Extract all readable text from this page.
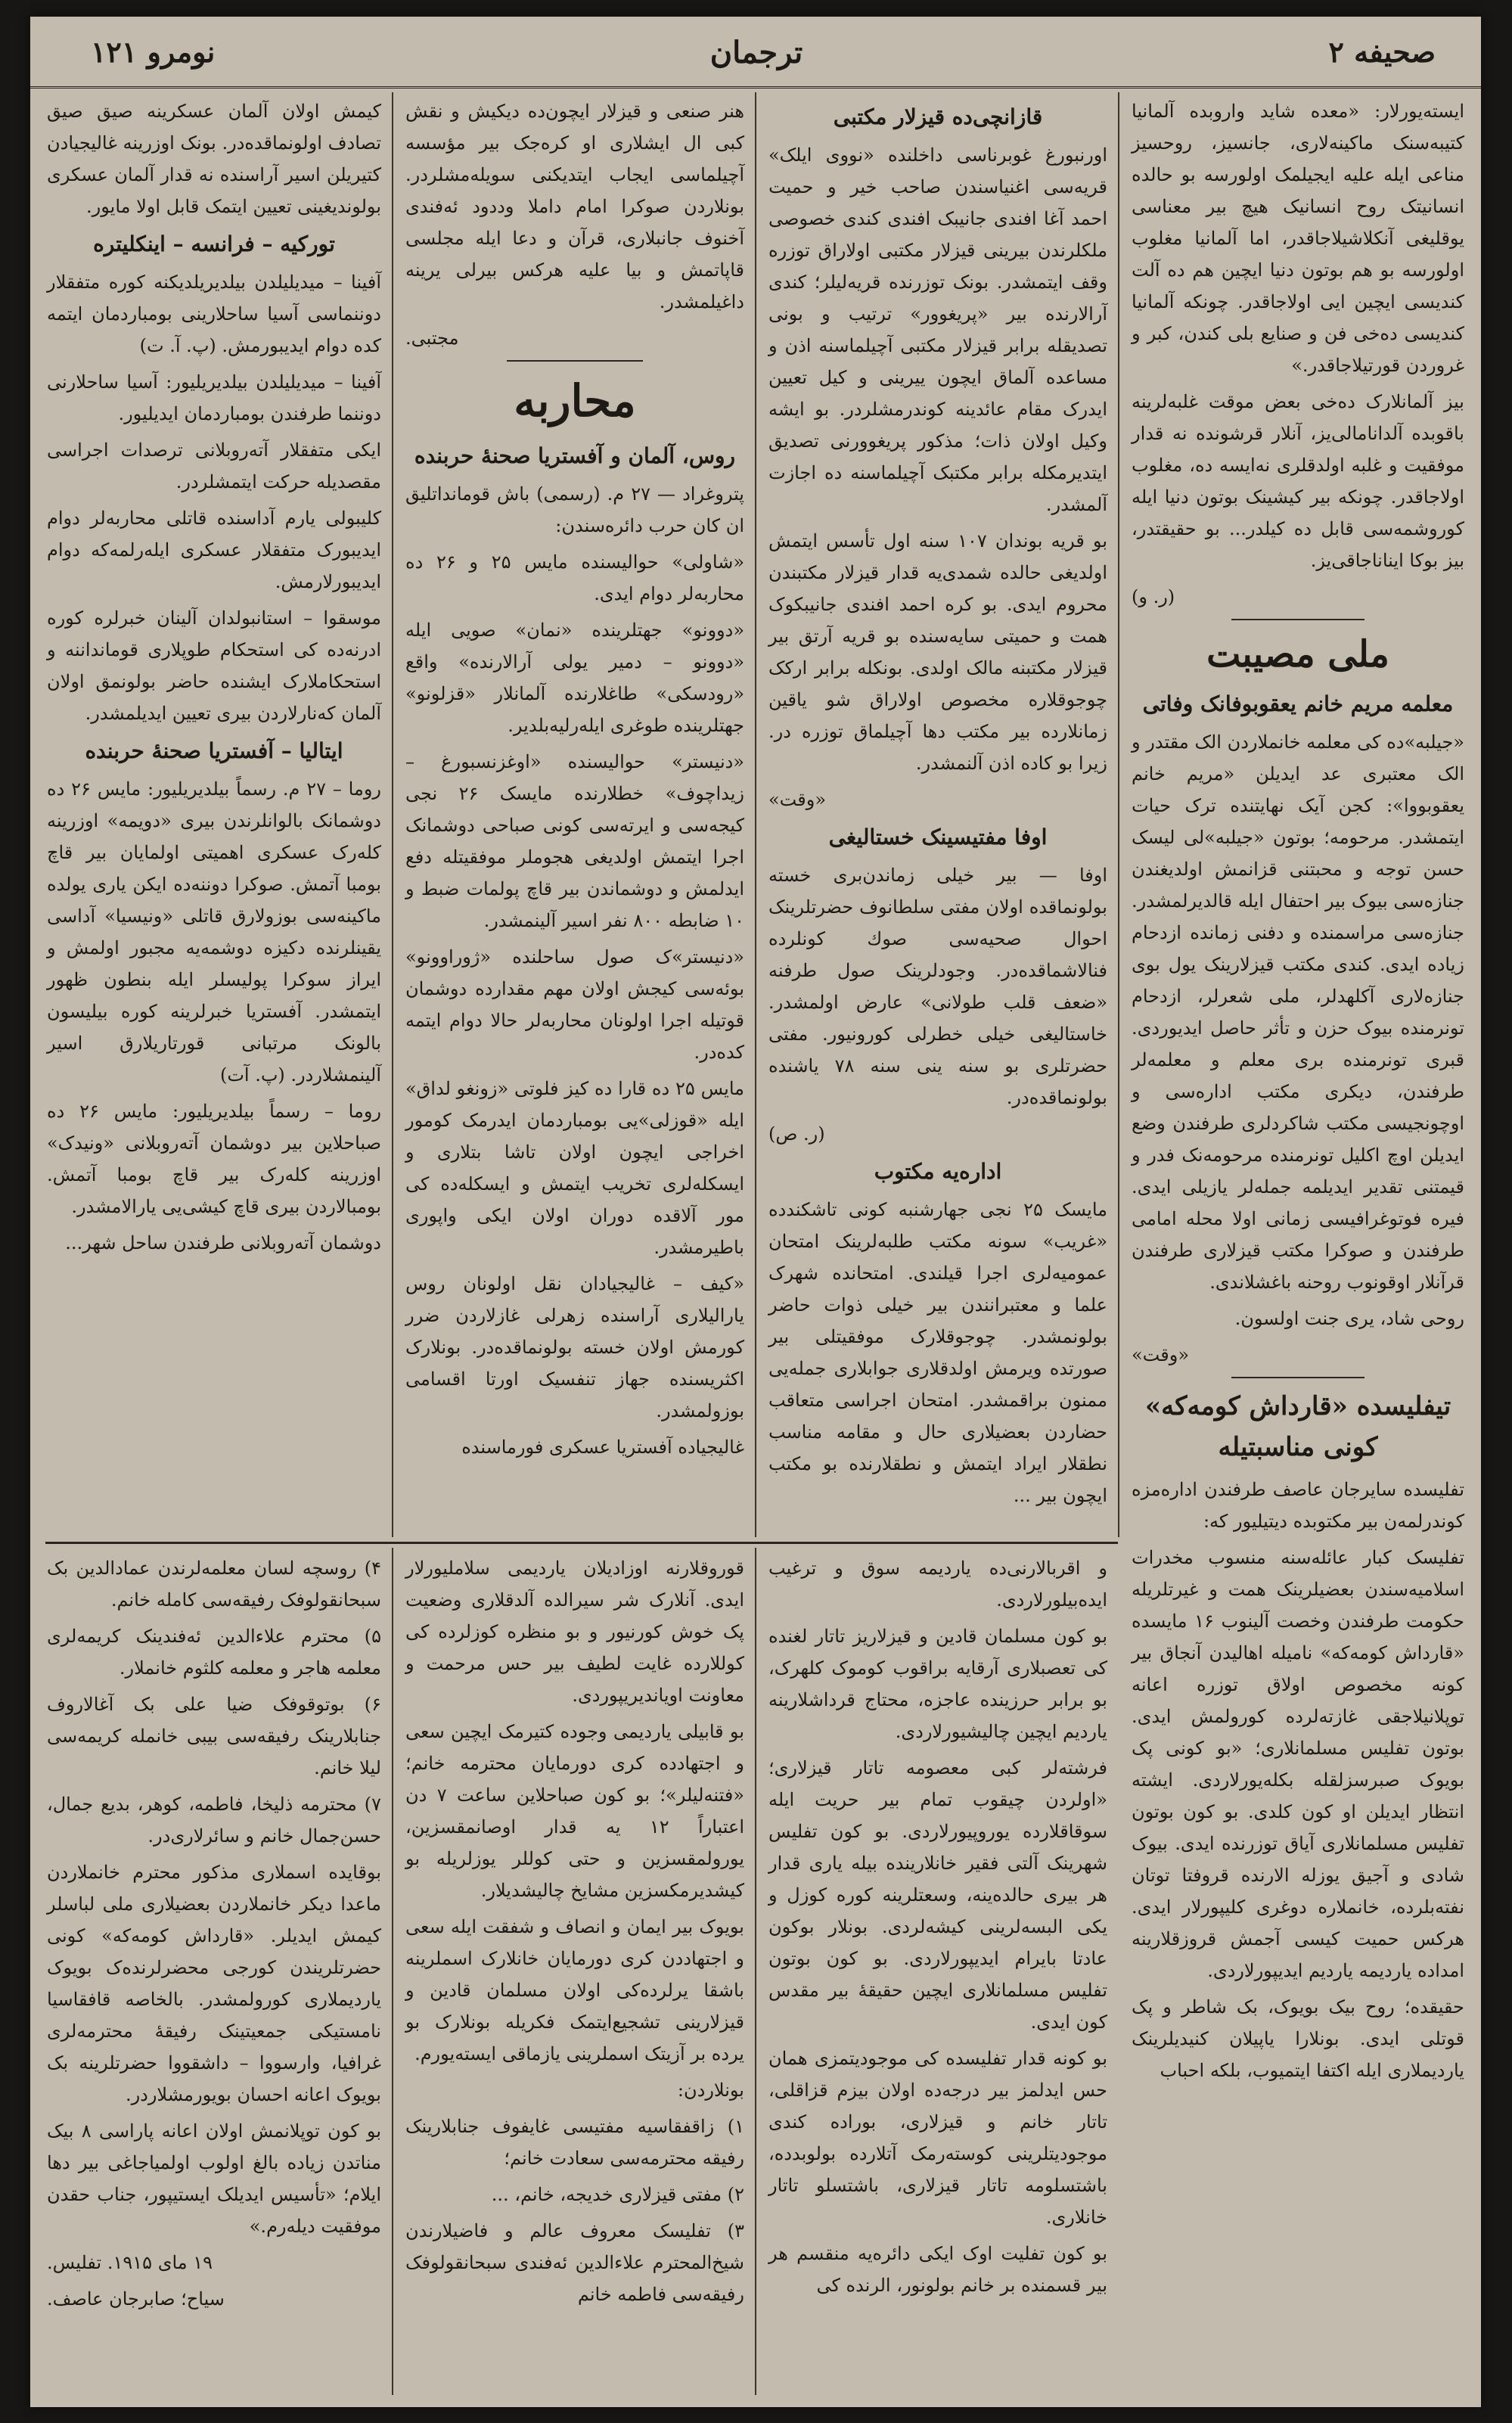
نومرو ۱۲۱	ترجمان	صحیفه ۲

ایسته‌یورلار: «معده شاید واروبده آلمانیا کتیبه‌سنک ماکینه‌لاری، جانسیز، روحسیز مناعی ایله علیه ایجیلمک اولورسه بو حالده انسانیتک روح انسانیک هیچ بیر معناسی یوقلیغی آنکلاشیلاجاقدر، اما آلمانیا مغلوب اولورسه بو هم بوتون دنیا ایچین هم ده آلت کندیسی ایچین ایی اولاجاقدر. چونکه آلمانیا کندیسی ده‌خی فن و صنایع بلی کندن، کبر و غروردن قورتیلاجاقدر.»

بیز آلمانلارک ده‌خی بعض موقت غلبه‌لرینه باقوبده آلدانامالی‌یز، آنلار قرشونده نه قدار موفقیت و غلبه اولدقلری نه‌ایسه ده، مغلوب اولاجاقدر. چونکه بیر کیشینک بوتون دنیا ایله کوروشمه‌سی قابل ده کیلدر... بو حقیقتدر، بیز بوکا ایناناجاقی‌یز.

(ر. و)

ملی مصیبت
معلمه مریم خانم یعقوبوفانک وفاتی

«جیلبه»ده کی معلمه خانملاردن الک مقتدر و الک معتبری عد ایدیلن «مریم خانم یعقوبووا»: کجن آیک نهایتنده ترک حیات ایتمشدر. مرحومه؛ بوتون «جیلبه»لی لیسک حسن توجه و محبتنی قزانمش اولدیغندن جنازه‌سی بیوک بیر احتفال ایله قالدیرلمشدر. جنازه‌سی مراسمنده و دفنی زمانده ازدحام زیاده ایدی. کندی مکتب قیزلارینک یول بوی جنازه‌لاری آکلهدلر، ملی شعرلر، ازدحام تونرمنده بیوک حزن و تأثر حاصل ایدیوردی. قبری تونرمنده بری معلم و معلمه‌لر طرفندن، دیکری مکتب اداره‌سی و اوچونجیسی مکتب شاکردلری طرفندن وضع ایدیلن اوچ اکلیل تونرمنده مرحومه‌نک فدر و قیمتنی تقدیر ایدیلمه جمله‌لر یازیلی ایدی. فیره فوتوغرافیسی زمانی اولا محله امامی طرفندن و صوکرا مکتب قیزلاری طرفندن قرآنلار اوقونوب روحنه باغشلاندی.

روحی شاد، یری جنت اولسون.

«وقت»

تیفلیسده «قارداش کومه‌که» کونی مناسبتیله

تفلیسده سایرجان عاصف طرفندن اداره‌مزه کوندرلمه‌ن بیر مکتوبده دیتیلیور که:

تفلیسک کبار عائله‌سنه منسوب مخدرات اسلامیه‌سندن بعضیلرینک همت و غیرتلریله حکومت طرفندن وخصت آلینوب ۱۶ مایسده «قارداش کومه‌که» نامیله اهالیدن آنجاق بیر کونه مخصوص اولاق توزره اعانه توپلانیلاجقی غازته‌لرده کورولمش ایدی. بوتون تفلیس مسلمانلاری؛ «بو کونی پک بویوک صبرسزلقله بکله‌یورلاردی. ایشته انتظار ایدیلن او کون کلدی. بو کون بوتون تفلیس مسلمانلاری آیاق توزرنده ایدی. بیوک شادی و آجیق یوزله الارنده قروفتا توتان نفته‌بلرده، خانملاره دوغری کلیپورلار ایدی. هرکس حمیت کیسی آجمش قروزقلارینه امداده یاردیمه یاردیم ایدیپورلاردی.

حقیقده؛ روح بیک بویوک، بک شاطر و پک قوتلی ایدی. بونلارا یاپیلان کنیدیلرینک یاردیملاری ایله اکتفا ایتمیوب، بلکه احباب

قازانچی‌ده قیزلار مکتبی

اورنبورغ غوبرناسی داخلنده «نووی ایلک» قریه‌سی اغنیاسندن صاحب خیر و حمیت احمد آغا افندی جانیبک افندی کندی خصوصی ملکلرندن بیرینی قیزلار مکتبی اولاراق توزره وقف ایتمشدر. بونک توزرنده قریه‌لیلر؛ کندی آرالارنده بیر «پریغوور» ترتیب و بونی تصدیقله برابر قیزلار مکتبی آچیلماسنه اذن و مساعده آلماق ایچون ییرینی و کیل تعیین ایدرک مقام عائدینه کوندرمشلردر. بو ایشه وکیل اولان ذات؛ مذکور پریغوورنی تصدیق ایتدیرمکله برابر مکتبک آچیلماسنه ده اجازت آلمشدر.

بو قریه بوندان ۱۰۷ سنه اول تأسس ایتمش اولدیغی حالده شمدی‌یه قدار قیزلار مکتبندن محروم ایدی. بو کره احمد افندی جانیبکوک همت و حمیتی سایه‌سنده بو قریه آرتق بیر قیزلار مکتبنه مالک اولدی. بونکله برابر ارکک چوجوقلاره مخصوص اولاراق شو یاقین زمانلارده بیر مکتب دها آچیلماق توزره در. زیرا بو کاده اذن آلنمشدر.

«وقت»

اوفا مفتیسینک خستالیغی

اوفا — بیر خیلی زماندن‌بری خسته بولونماقده اولان مفتی سلطانوف حضرتلرینک احوال صحیه‌سی صوك کونلرده فنالاشماقده‌در. وجودلرینک صول طرفنه «ضعف قلب طولانی» عارض اولمشدر. خاستالیغی خیلی خطرلی کورونیور. مفتی حضرتلری بو سنه ینی سنه ۷۸ یاشنده بولونماقده‌در.

(ر. ص)

اداره‌یه مکتوب

مایسک ۲۵ نجی جهارشنبه کونی تاشکندده «غریب» سونه مکتب طلبه‌لرینک امتحان عمومیه‌لری اجرا قیلندی. امتحانده شهرک علما و معتبرانندن بیر خیلی ذوات حاضر بولونمشدر. چوجوقلارک موفقیتلی بیر صورتده ویرمش اولدقلاری جوابلاری جمله‌یی ممنون براقمشدر. امتحان اجراسی متعاقب حضاردن بعضیلاری حال و مقامه مناسب نطقلار ایراد ایتمش و نطقلارنده بو مکتب ایچون بیر ...

هنر صنعی و قیزلار ایچون‌ده دیکیش و نقش کبی ال ایشلاری او کره‌جک بیر مؤسسه آچیلماسی ایجاب ایتدیکنی سویله‌مشلردر. بونلاردن صوکرا امام داملا وددود ئه‌فندی آخنوف جانبلاری، قرآن و دعا ایله مجلسی قاپاتمش و بیا علیه هرکس بیرلی یرینه داغیلمشدر.

مجتبی.

محاربه
روس، آلمان و آفستریا صحنهٔ حربنده

پتروغراد — ۲۷ م. (رسمی) باش قومانداتلیق ان کان حرب دائره‌سندن:

«شاولی» حوالیسنده مایس ۲۵ و ۲۶ ده محاربه‌لر دوام ایدی.

«دوونو» جهتلرینده «نمان» صویی ایله «دوونو – دمیر یولی آرالارنده» واقع «رودسکی» طاغلارنده آلمانلار «قزلونو» جهتلرینده طوغری ایله‌رلیه‌بلدیر.

«دنیستر» حوالیسنده «اوغزنسبورغ – زیداچوف» خطلارنده مایسک ۲۶ نجی کیجه‌سی و ایرته‌سی کونی صباحی دوشمانک اجرا ایتمش اولدیغی هجوملر موفقیتله دفع ایدلمش و دوشماندن بیر قاچ پولمات ضبط و ۱۰ ضابطه ۸۰۰ نفر اسیر آلینمشدر.

«دنیستر»ک صول ساحلنده «ژوراوونو» بوئه‌سی کیجش اولان مهم مقدارده دوشمان قوتیله اجرا اولونان محاربه‌لر حالا دوام ایتمه کده‌در.

مایس ۲۵ ده قارا ده کیز فلوتی «زونغو لداق» ایله «قوزلی»‌یی بومباردمان ایدرمک کومور اخراجی ایچون اولان تاشا بتلاری و ایسکله‌لری تخریب ایتمش و ایسکله‌ده کی مور آلاقده دوران اولان ایکی واپوری باطیرمشدر.

«کیف – غالیجیادان نقل اولونان روس یارالیلاری آراسنده زهرلی غازلاردن ضرر کورمش اولان خسته بولونماقده‌در. بونلارک اکثریسنده جهاز تنفسیک اورتا اقسامی بوزولمشدر.

غالیجیاده آفستریا عسکری فورماسنده

کیمش اولان آلمان عسکرینه صیق صیق تصادف اولونماقده‌در. بونک اوزرینه غالیجیادن کتیریلن اسیر آراسنده نه قدار آلمان عسکری بولوندیغینی تعیین ایتمک قابل اولا مایور.

تورکیه – فرانسه – اینکلیتره

آفینا – میدیلیلدن بیلدیریلدیکنه کوره متفقلار دوننماسی آسیا ساحلارینی بومباردمان ایتمه کده دوام ایدیبورمش. (پ. آ. ت)

آفینا – میدیلیلدن بیلدیریلیور: آسیا ساحلارنی دوننما طرفندن بومباردمان ایدیلیور.

ایکی متفقلار آته‌روبلانی ترصدات اجراسی مقصدیله حرکت ایتمشلردر.

کلیبولی یارم آداسنده قاتلی محاربه‌لر دوام ایدیبورک متفقلار عسکری ایله‌رلمه‌که دوام ایدیبورلارمش.

موسقوا – استانبولدان آلینان خبرلره کوره ادرنه‌ده کی استحکام طوپلاری قومانداننه و استحکاملارک ایشنده حاضر بولونمق اولان آلمان که‌نارلاردن بیری تعیین ایدیلمشدر.

ایتالیا – آفستریا صحنهٔ حربنده

روما – ۲۷ م. رسماً بیلدیریلیور: مایس ۲۶ ده دوشمانک بالوانلرندن بیری «دویمه» اوزرینه کله‌رک عسکری اهمیتی اولمایان بیر قاچ بومبا آتمش. صوکرا دوننه‌ده ایکن یاری یولده ماکینه‌سی بوزولارق قاتلی «ونیسیا» آداسی یقینلرنده دکیزه دوشمه‌یه مجبور اولمش و ایراز سوکرا پولیسلر ایله بنطون ظهور ایتمشدر. آفستریا خبرلرینه کوره بیلیسون بالونک مرتبانی قورتاریلارق اسیر آلینمشلاردر. (پ. آت)

روما – رسماً بیلدیریلیور: مایس ۲۶ ده صباحلاین بیر دوشمان آته‌روبلانی «ونیدک» اوزرینه کله‌رک بیر قاچ بومبا آتمش. بومبالاردن بیری قاچ کیشی‌یی یارالامشدر.

دوشمان آته‌روبلانی طرفندن ساحل شهر...

و اقربالارنی‌ده یاردیمه سوق و ترغیب ایده‌بیلورلاردی.

بو کون مسلمان قادین و قیزلاریز تاتار لغنده کی تعصبلاری آرقایه براقوب کوموک کلهرک، بو برابر حرزینده عاجزه، محتاج قرداشلارینه یاردیم ایچین چالیشیورلاردی.

فرشته‌لر کبی معصومه تاتار قیزلاری؛ «اولردن چیقوب تمام بیر حریت ایله سوقاقلارده یوروپیورلاردی. بو کون تفلیس شهرینک آلتی فقیر خانلارینده بیله یاری قدار هر بیری حالده‌ینه، وسعتلرینه کوره کوزل و یکی البسه‌لرینی کیشه‌لردی. بونلار بوکون عادتا بایرام ایدیپورلاردی. بو کون بوتون تفلیس مسلمانلاری ایچین حقیقهٔ بیر مقدس کون ایدی.

بو کونه قدار تفلیسده کی موجودیتمزی همان حس ایدلمز بیر درجه‌ده اولان بیزم قزاقلی، تاتار خانم و قیزلاری، بوراده کندی موجودیتلرینی کوسته‌رمک آتلارده بولوبدده، باشتسلومه تاتار قیزلاری، باشتسلو تاتار خانلاری.

بو کون تفلیت اوک ایکی دائره‌یه منقسم هر بیر قسمنده بر خانم بولونور، الرنده کی

قوروقلارنه اوزادیلان یاردیمی سلاملیورلار ایدی. آنلارک شر سیرالده آلدقلاری وضعیت پک خوش کورنیور و بو منظره کوزلرده کی کوللارده غایت لطیف بیر حس مرحمت و معاونت اویاندیریپوردی.

بو قابیلی یاردیمی وجوده کتیرمک ایچین سعی و اجتهادده کری دورمایان محترمه خانم؛ «فتنه‌لیلر»؛ بو کون صباحلاین ساعت ۷ دن اعتباراً ۱۲ یه قدار اوصانمقسزین، یورولمقسزین و حتی کوللر یوزلریله بو کیشدیرمکسزین مشایخ چالیشدیلار.

بویوک بیر ایمان و انصاف و شفقت ایله سعی و اجتهاددن کری دورمایان خانلارک اسملرینه باشقا یرلرده‌کی اولان مسلمان قادین و قیزلارینی تشجیع‌ایتمک فکریله بونلارک بو یرده بر آزیتک اسملرینی یازماقی ایسته‌یورم.

بونلاردن:

۱) زاقفقاسیه مفتیسی غایفوف جنابلارینک رفیقه محترمه‌سی سعادت خانم؛

۲) مفتی قیزلاری خدیجه، خانم، ...

۳) تفلیسک معروف عالم و فاضیلارندن شیخ‌المحترم علاءالدین ئه‌فندی سبحانقولوفک رفیقه‌سی فاطمه خانم

۴) روسچه لسان معلمه‌لرندن عمادالدین بک سبحانقولوفک رفیقه‌سی کامله خانم.

۵) محترم علاءالدین ئه‌فندینک کریمه‌لری معلمه هاجر و معلمه کلثوم خانملار.

۶) بوتوقوفک ضیا علی بک آغالاروف جنابلارینک رفیقه‌سی بیبی خانمله کریمه‌سی لیلا خانم.

۷) محترمه ذلیخا، فاطمه، کوهر، بدیع جمال، حسن‌جمال خانم و سائرلاری‌در.

بوقایده اسملاری مذکور محترم خانملاردن ماعدا دیکر خانملاردن بعضیلاری ملی لباسلر کیمش ایدیلر. «قارداش کومه‌که» کونی حضرتلریندن کورجی محضرلرنده‌ک بویوک یاردیملاری کورولمشدر. بالخاصه قافقاسیا نامستیکی جمعیتینک رفیقهٔ محترمه‌لری غرافیا، وارسووا – داشقووا حضرتلرینه بک بویوک اعانه احسان بویورمشلاردر.

بو کون توپلانمش اولان اعانه پاراسی ۸ بیک مناتدن زیاده بالغ اولوب اولمیاجاغی بیر دها ایلام؛ «تأسیس ایدیلک ایستیپور، جناب حقدن موفقیت دیله‌رم.»

۱۹ مای ۱۹۱۵. تفلیس.

سیاح؛ صابرجان عاصف.
